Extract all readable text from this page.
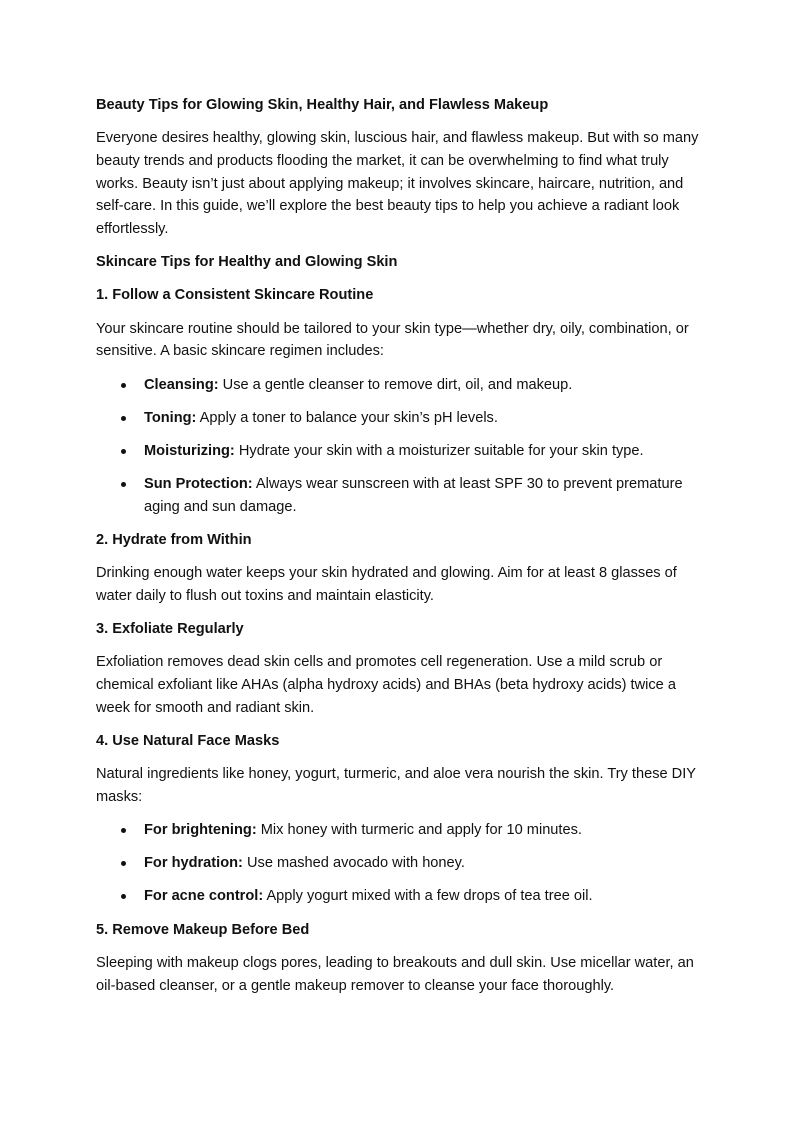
Beauty Tips for Glowing Skin, Healthy Hair, and Flawless Makeup

Everyone desires healthy, glowing skin, luscious hair, and flawless makeup. But with so many beauty trends and products flooding the market, it can be overwhelming to find what truly works. Beauty isn’t just about applying makeup; it involves skincare, haircare, nutrition, and self-care. In this guide, we’ll explore the best beauty tips to help you achieve a radiant look effortlessly.

Skincare Tips for Healthy and Glowing Skin
1. Follow a Consistent Skincare Routine

Your skincare routine should be tailored to your skin type—whether dry, oily, combination, or sensitive. A basic skincare regimen includes:

Cleansing: Use a gentle cleanser to remove dirt, oil, and makeup.
Toning: Apply a toner to balance your skin’s pH levels.
Moisturizing: Hydrate your skin with a moisturizer suitable for your skin type.
Sun Protection: Always wear sunscreen with at least SPF 30 to prevent premature aging and sun damage.
2. Hydrate from Within

Drinking enough water keeps your skin hydrated and glowing. Aim for at least 8 glasses of water daily to flush out toxins and maintain elasticity.

3. Exfoliate Regularly

Exfoliation removes dead skin cells and promotes cell regeneration. Use a mild scrub or chemical exfoliant like AHAs (alpha hydroxy acids) and BHAs (beta hydroxy acids) twice a week for smooth and radiant skin.

4. Use Natural Face Masks

Natural ingredients like honey, yogurt, turmeric, and aloe vera nourish the skin. Try these DIY masks:

For brightening: Mix honey with turmeric and apply for 10 minutes.
For hydration: Use mashed avocado with honey.
For acne control: Apply yogurt mixed with a few drops of tea tree oil.
5. Remove Makeup Before Bed

Sleeping with makeup clogs pores, leading to breakouts and dull skin. Use micellar water, an oil-based cleanser, or a gentle makeup remover to cleanse your face thoroughly.
